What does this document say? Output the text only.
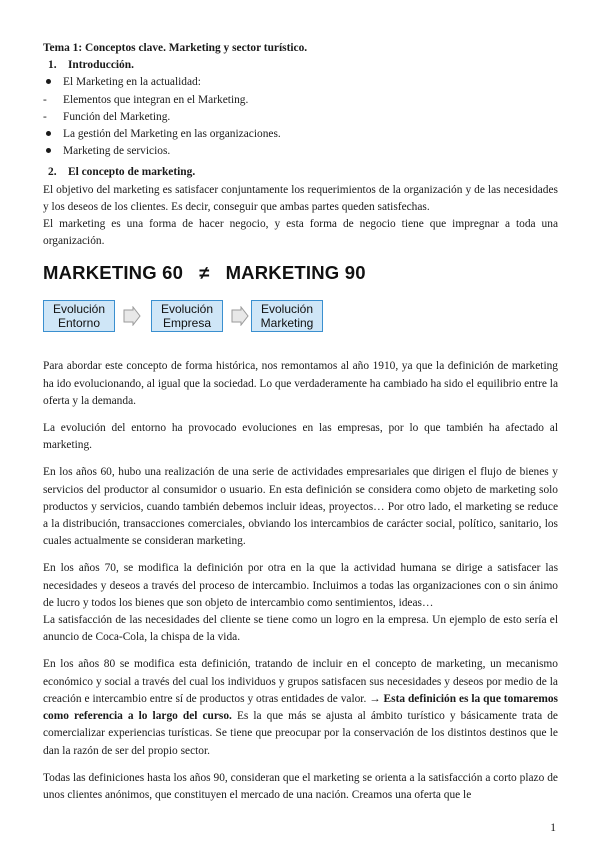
Tema 1: Conceptos clave. Marketing y sector turístico.
1.	Introducción.
El Marketing en la actualidad:
-	Elementos que integran en el Marketing.
-	Función del Marketing.
La gestión del Marketing en las organizaciones.
Marketing de servicios.
2.	El concepto de marketing.

El objetivo del marketing es satisfacer conjuntamente los requerimientos de la organización y de las necesidades y los deseos de los clientes. Es decir, conseguir que ambas partes queden satisfechas.

El marketing es una forma de hacer negocio, y esta forma de negocio tiene que impregnar a toda una organización.

MARKETING 60 ≠ MARKETING 90
Evolución
Entorno
Evolución
Empresa
Evolución
Marketing

Para abordar este concepto de forma histórica, nos remontamos al año 1910, ya que la definición de marketing ha ido evolucionando, al igual que la sociedad. Lo que verdaderamente ha cambiado ha sido el equilibrio entre la oferta y la demanda.

La evolución del entorno ha provocado evoluciones en las empresas, por lo que también ha afectado al marketing.

En los años 60, hubo una realización de una serie de actividades empresariales que dirigen el flujo de bienes y servicios del productor al consumidor o usuario. En esta definición se considera como objeto de marketing solo productos y servicios, cuando también debemos incluir ideas, proyectos… Por otro lado, el marketing se reduce a la distribución, transacciones comerciales, obviando los intercambios de carácter social, político, sanitario, los cuales actualmente se consideran marketing.

En los años 70, se modifica la definición por otra en la que la actividad humana se dirige a satisfacer las necesidades y deseos a través del proceso de intercambio. Incluimos a todas las organizaciones con o sin ánimo de lucro y todos los bienes que son objeto de intercambio como sentimientos, ideas…

La satisfacción de las necesidades del cliente se tiene como un logro en la empresa. Un ejemplo de esto sería el anuncio de Coca-Cola, la chispa de la vida.

En los años 80 se modifica esta definición, tratando de incluir en el concepto de marketing, un mecanismo económico y social a través del cual los individuos y grupos satisfacen sus necesidades y deseos por medio de la creación e intercambio entre sí de productos y otras entidades de valor. → Esta definición es la que tomaremos como referencia a lo largo del curso. Es la que más se ajusta al ámbito turístico y básicamente trata de comercializar experiencias turísticas. Se tiene que preocupar por la conservación de los distintos destinos que le dan la razón de ser del propio sector.

Todas las definiciones hasta los años 90, consideran que el marketing se orienta a la satisfacción a corto plazo de unos clientes anónimos, que constituyen el mercado de una nación. Creamos una oferta que le

1
